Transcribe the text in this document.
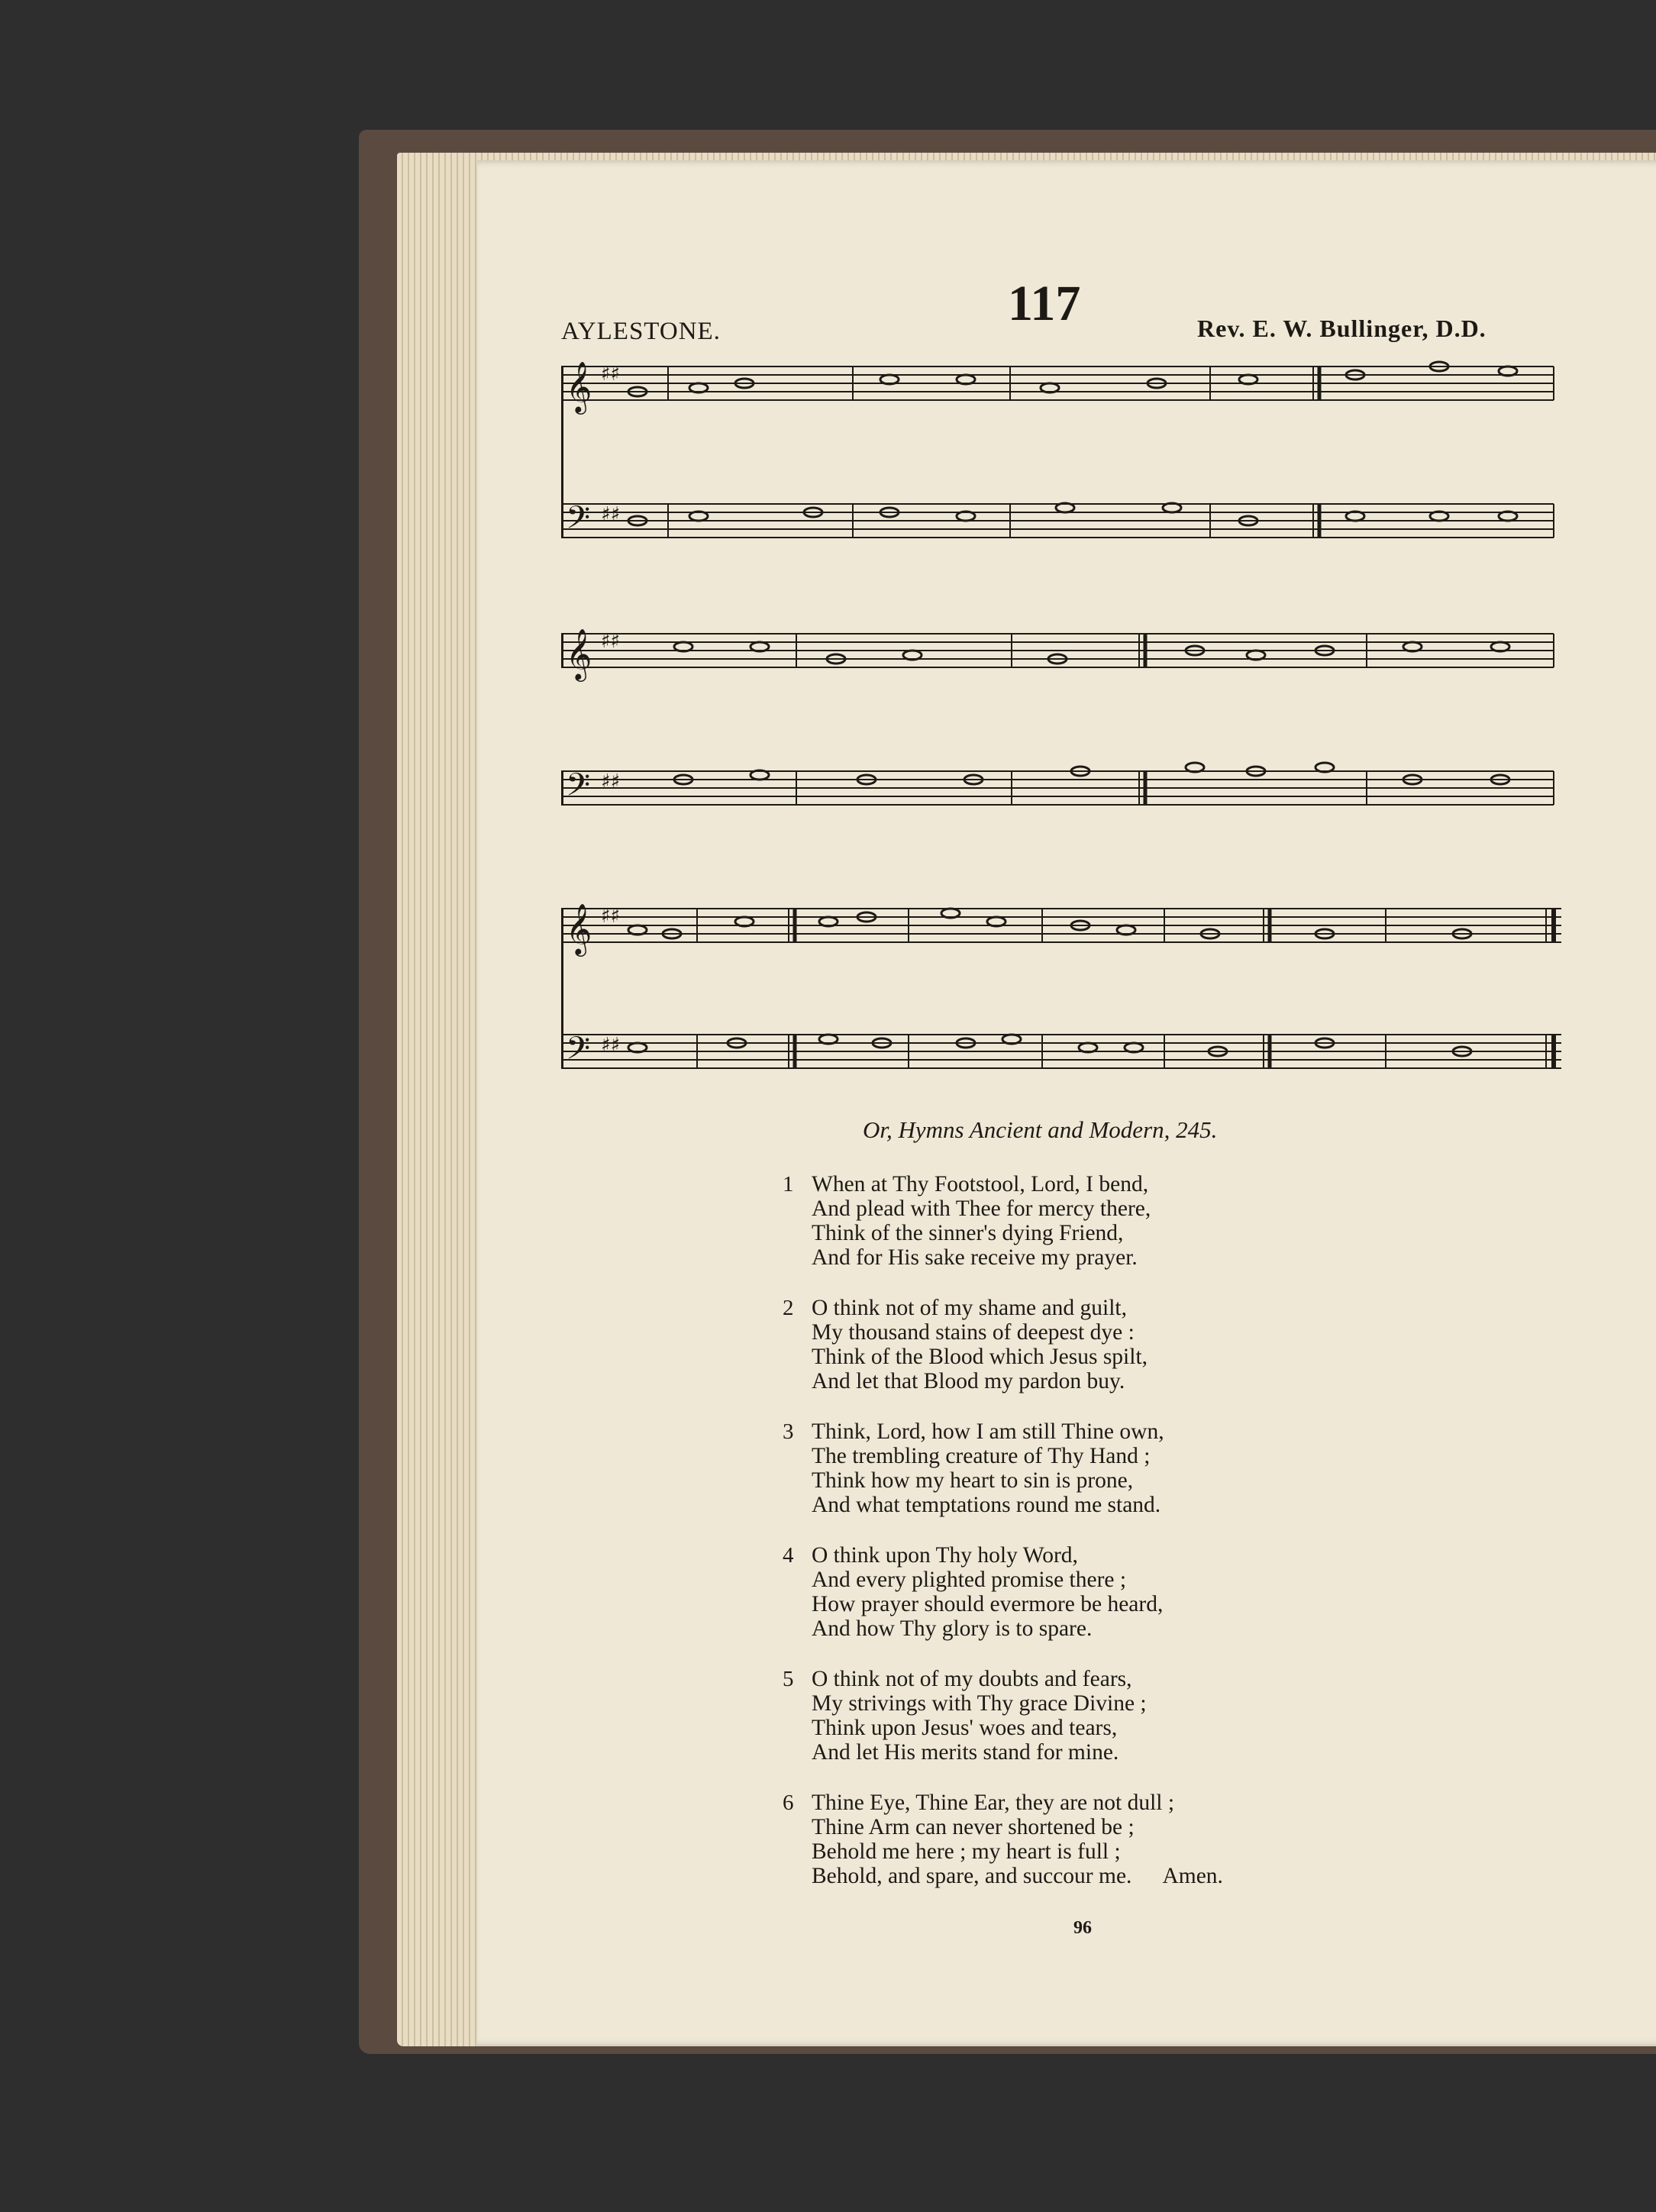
117
AYLESTONE.	Rev. E. W. Bullinger, D.D.
𝄞
𝄢
♯♯
♯♯
𝄞
𝄢
♯♯
♯♯
𝄞
𝄢
♯♯
♯♯
Or, Hymns Ancient and Modern, 245.
1 When at Thy Footstool, Lord, I bend,
And plead with Thee for mercy there,
Think of the sinner's dying Friend,
And for His sake receive my prayer.
2 O think not of my shame and guilt,
My thousand stains of deepest dye :
Think of the Blood which Jesus spilt,
And let that Blood my pardon buy.
3 Think, Lord, how I am still Thine own,
The trembling creature of Thy Hand ;
Think how my heart to sin is prone,
And what temptations round me stand.
4 O think upon Thy holy Word,
And every plighted promise there ;
How prayer should evermore be heard,
And how Thy glory is to spare.
5 O think not of my doubts and fears,
My strivings with Thy grace Divine ;
Think upon Jesus' woes and tears,
And let His merits stand for mine.
6 Thine Eye, Thine Ear, they are not dull ;
Thine Arm can never shortened be ;
Behold me here ; my heart is full ;
Behold, and spare, and succour me. Amen.
96
